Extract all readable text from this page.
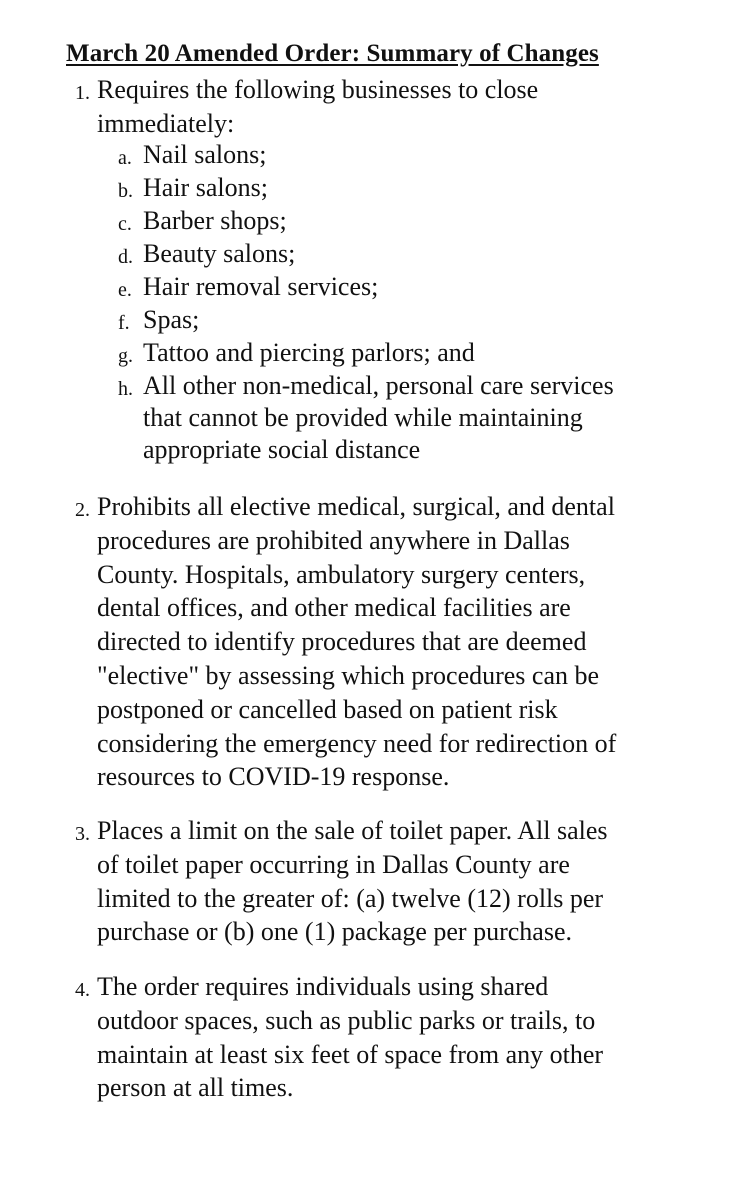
March 20 Amended Order: Summary of Changes
1. Requires the following businesses to close
immediately:
a. Nail salons;
b. Hair salons;
c. Barber shops;
d. Beauty salons;
e. Hair removal services;
f. Spas;
g. Tattoo and piercing parlors; and
h. All other non-medical, personal care services
that cannot be provided while maintaining
appropriate social distance
2. Prohibits all elective medical, surgical, and dental
procedures are prohibited anywhere in Dallas
County. Hospitals, ambulatory surgery centers,
dental offices, and other medical facilities are
directed to identify procedures that are deemed
"elective" by assessing which procedures can be
postponed or cancelled based on patient risk
considering the emergency need for redirection of
resources to COVID-19 response.
3. Places a limit on the sale of toilet paper. All sales
of toilet paper occurring in Dallas County are
limited to the greater of: (a) twelve (12) rolls per
purchase or (b) one (1) package per purchase.
4. The order requires individuals using shared
outdoor spaces, such as public parks or trails, to
maintain at least six feet of space from any other
person at all times.
